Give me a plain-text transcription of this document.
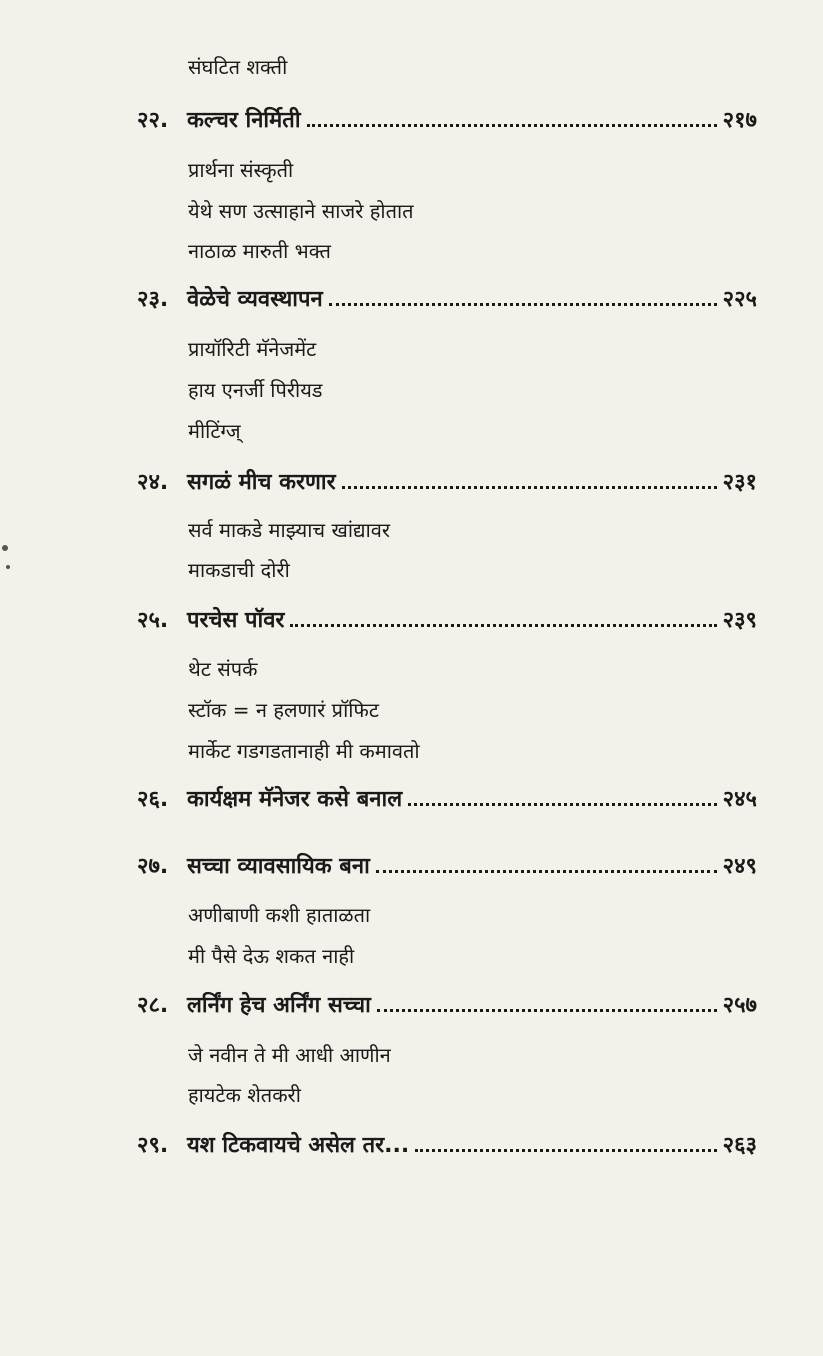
संघटित शक्ती
२२. कल्चर निर्मिती	२१७
प्रार्थना संस्कृती
येथे सण उत्साहाने साजरे होतात
नाठाळ मारुती भक्त
२३. वेळेचे व्यवस्थापन	२२५
प्रायॉरिटी मॅनेजमेंट
हाय एनर्जी पिरीयड
मीटिंग्ज्
२४. सगळं मीच करणार	२३१
सर्व माकडे माझ्याच खांद्यावर
माकडाची दोरी
२५. परचेस पॉवर	२३९
थेट संपर्क
स्टॉक = न हलणारं प्रॉफिट
मार्केट गडगडतानाही मी कमावतो
२६. कार्यक्षम मॅनेजर कसे बनाल	२४५
२७. सच्चा व्यावसायिक बना	२४९
अणीबाणी कशी हाताळता
मी पैसे देऊ शकत नाही
२८. लर्निंग हेच अर्निंग सच्चा	२५७
जे नवीन ते मी आधी आणीन
हायटेक शेतकरी
२९. यश टिकवायचे असेल तर...	२६३
